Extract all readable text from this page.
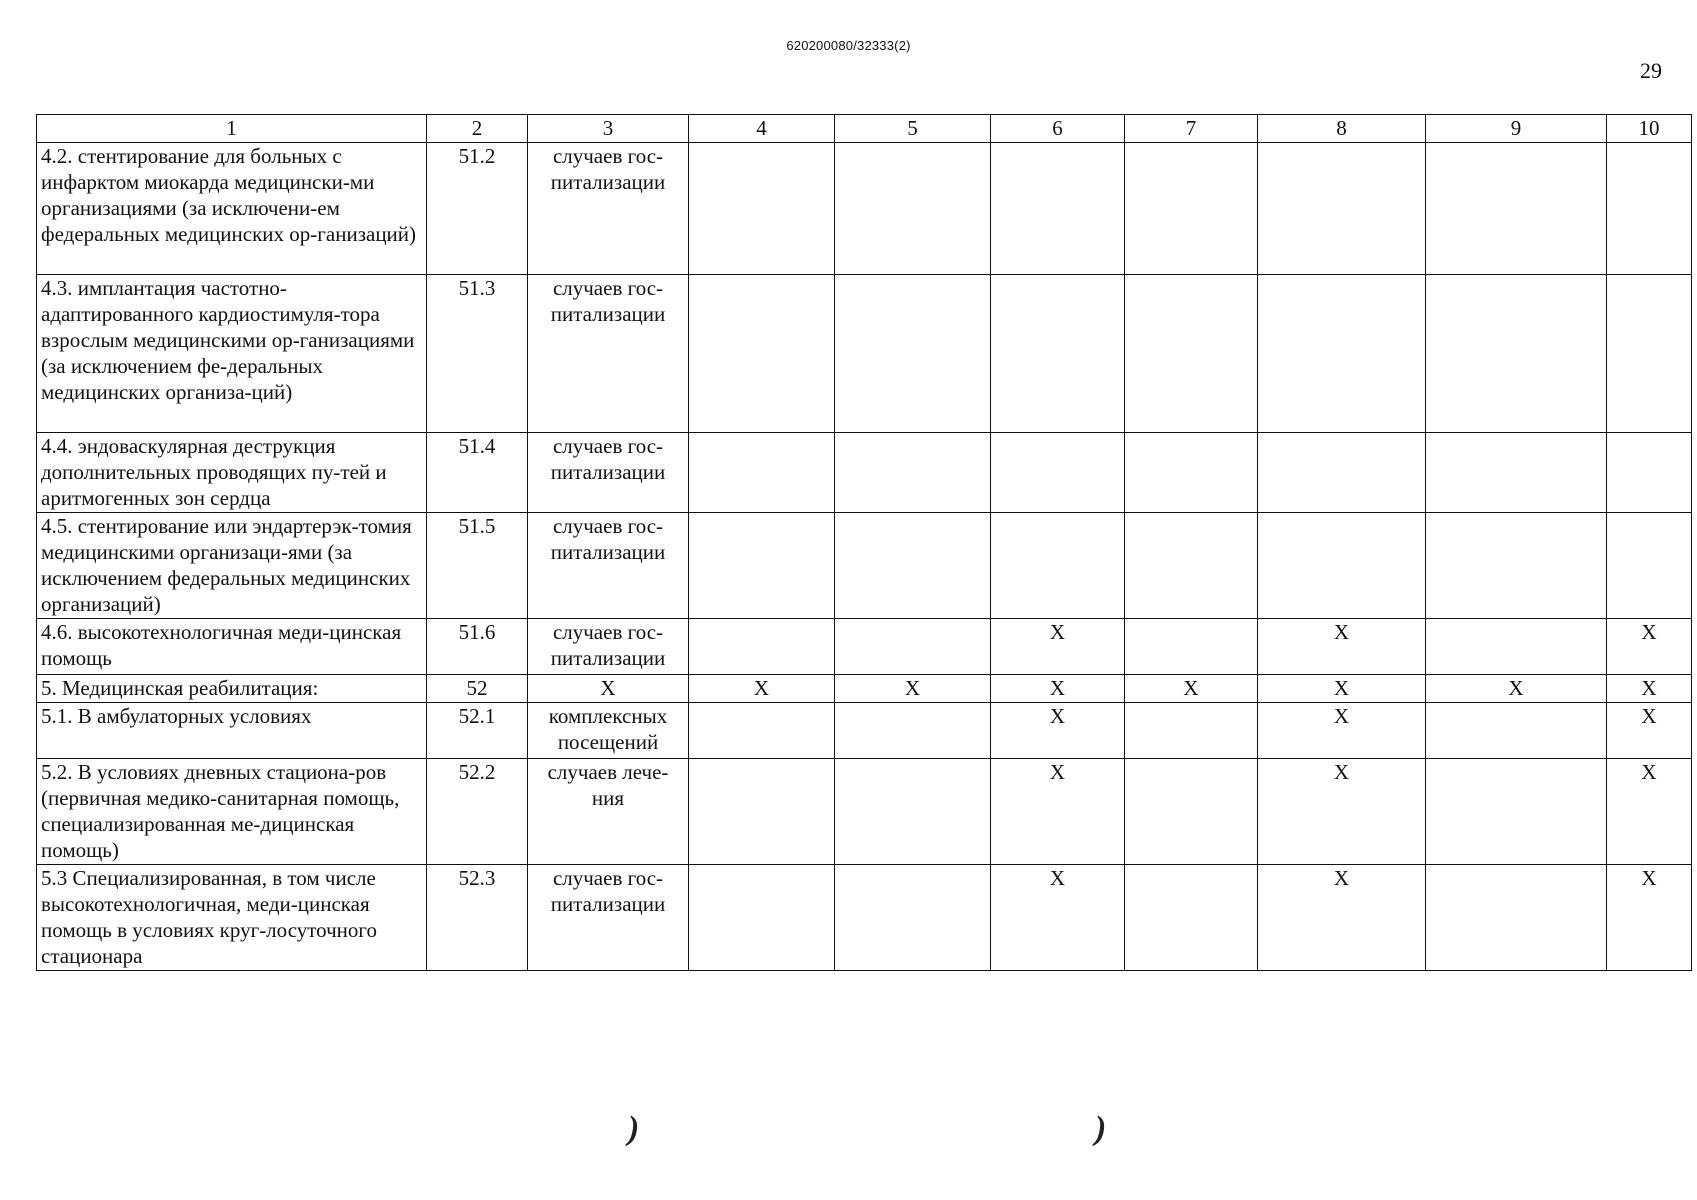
620200080/32333(2)
29
1	2	3	4	5	6	7	8	9	10
4.2. стентирование для больных с инфарктом миокарда медицински-ми организациями (за исключени-ем федеральных медицинских ор-ганизаций)	51.2	случаев гос-питализации							
4.3. имплантация частотно-адаптированного кардиостимуля-тора взрослым медицинскими ор-ганизациями (за исключением фе-деральных медицинских организа-ций)	51.3	случаев гос-питализации							
4.4. эндоваскулярная деструкция дополнительных проводящих пу-тей и аритмогенных зон сердца	51.4	случаев гос-питализации							
4.5. стентирование или эндартерэк-томия медицинскими организаци-ями (за исключением федеральных медицинских организаций)	51.5	случаев гос-питализации							
4.6. высокотехнологичная меди-цинская помощь	51.6	случаев гос-питализации			X		X		X
5. Медицинская реабилитация:	52	X	X	X	X	X	X	X	X
5.1. В амбулаторных условиях	52.1	комплексных посещений			X		X		X
5.2. В условиях дневных стациона-ров (первичная медико-санитарная помощь, специализированная ме-дицинская помощь)	52.2	случаев лече-ния			X		X		X
5.3 Специализированная, в том числе высокотехнологичная, меди-цинская помощь в условиях круг-лосуточного стационара	52.3	случаев гос-питализации			X		X		X
)	)
